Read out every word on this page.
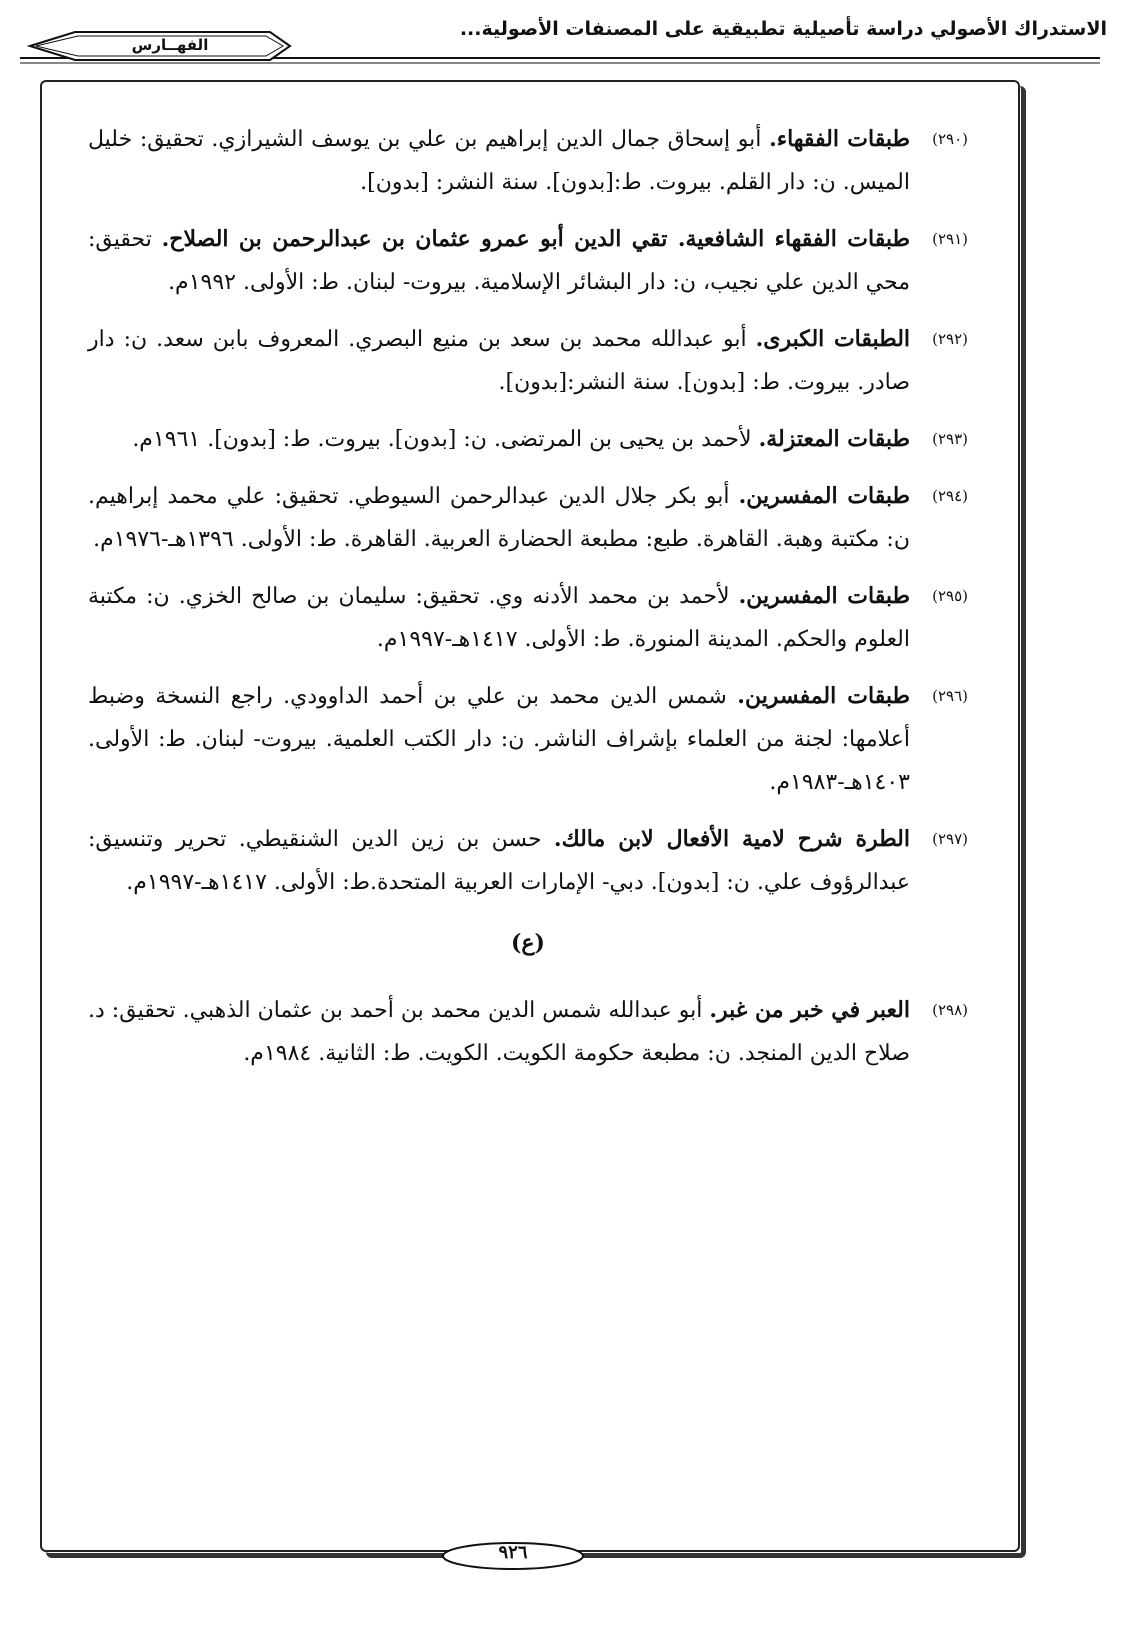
الاستدراك الأصولي دراسة تأصيلية تطبيقية على المصنفات الأصولية...
الفهــارس
(٢٩٠)
طبقات الفقهاء. أبو إسحاق جمال الدين إبراهيم بن علي بن يوسف الشيرازي. تحقيق: خليل الميس. ن: دار القلم. بيروت. ط:[بدون]. سنة النشر: [بدون].
(٢٩١)
طبقات الفقهاء الشافعية. تقي الدين أبو عمرو عثمان بن عبدالرحمن بن الصلاح. تحقيق: محي الدين علي نجيب، ن: دار البشائر الإسلامية. بيروت- لبنان. ط: الأولى. ١٩٩٢م.
(٢٩٢)
الطبقات الكبرى. أبو عبدالله محمد بن سعد بن منيع البصري. المعروف بابن سعد. ن: دار صادر. بيروت. ط: [بدون]. سنة النشر:[بدون].
(٢٩٣)
طبقات المعتزلة. لأحمد بن يحيى بن المرتضى. ن: [بدون]. بيروت. ط: [بدون]. ١٩٦١م.
(٢٩٤)
طبقات المفسرين. أبو بكر جلال الدين عبدالرحمن السيوطي. تحقيق: علي محمد إبراهيم. ن: مكتبة وهبة. القاهرة. طبع: مطبعة الحضارة العربية. القاهرة. ط: الأولى. ١٣٩٦هـ-١٩٧٦م.
(٢٩٥)
طبقات المفسرين. لأحمد بن محمد الأدنه وي. تحقيق: سليمان بن صالح الخزي. ن: مكتبة العلوم والحكم. المدينة المنورة. ط: الأولى. ١٤١٧هـ-١٩٩٧م.
(٢٩٦)
طبقات المفسرين. شمس الدين محمد بن علي بن أحمد الداوودي. راجع النسخة وضبط أعلامها: لجنة من العلماء بإشراف الناشر. ن: دار الكتب العلمية. بيروت- لبنان. ط: الأولى. ١٤٠٣هـ-١٩٨٣م.
(٢٩٧)
الطرة شرح لامية الأفعال لابن مالك. حسن بن زين الدين الشنقيطي. تحرير وتنسيق: عبدالرؤوف علي. ن: [بدون]. دبي- الإمارات العربية المتحدة.ط: الأولى. ١٤١٧هـ-١٩٩٧م.
(ع)
(٢٩٨)
العبر في خبر من غبر. أبو عبدالله شمس الدين محمد بن أحمد بن عثمان الذهبي. تحقيق: د. صلاح الدين المنجد. ن: مطبعة حكومة الكويت. الكويت. ط: الثانية. ١٩٨٤م.
٩٢٦
